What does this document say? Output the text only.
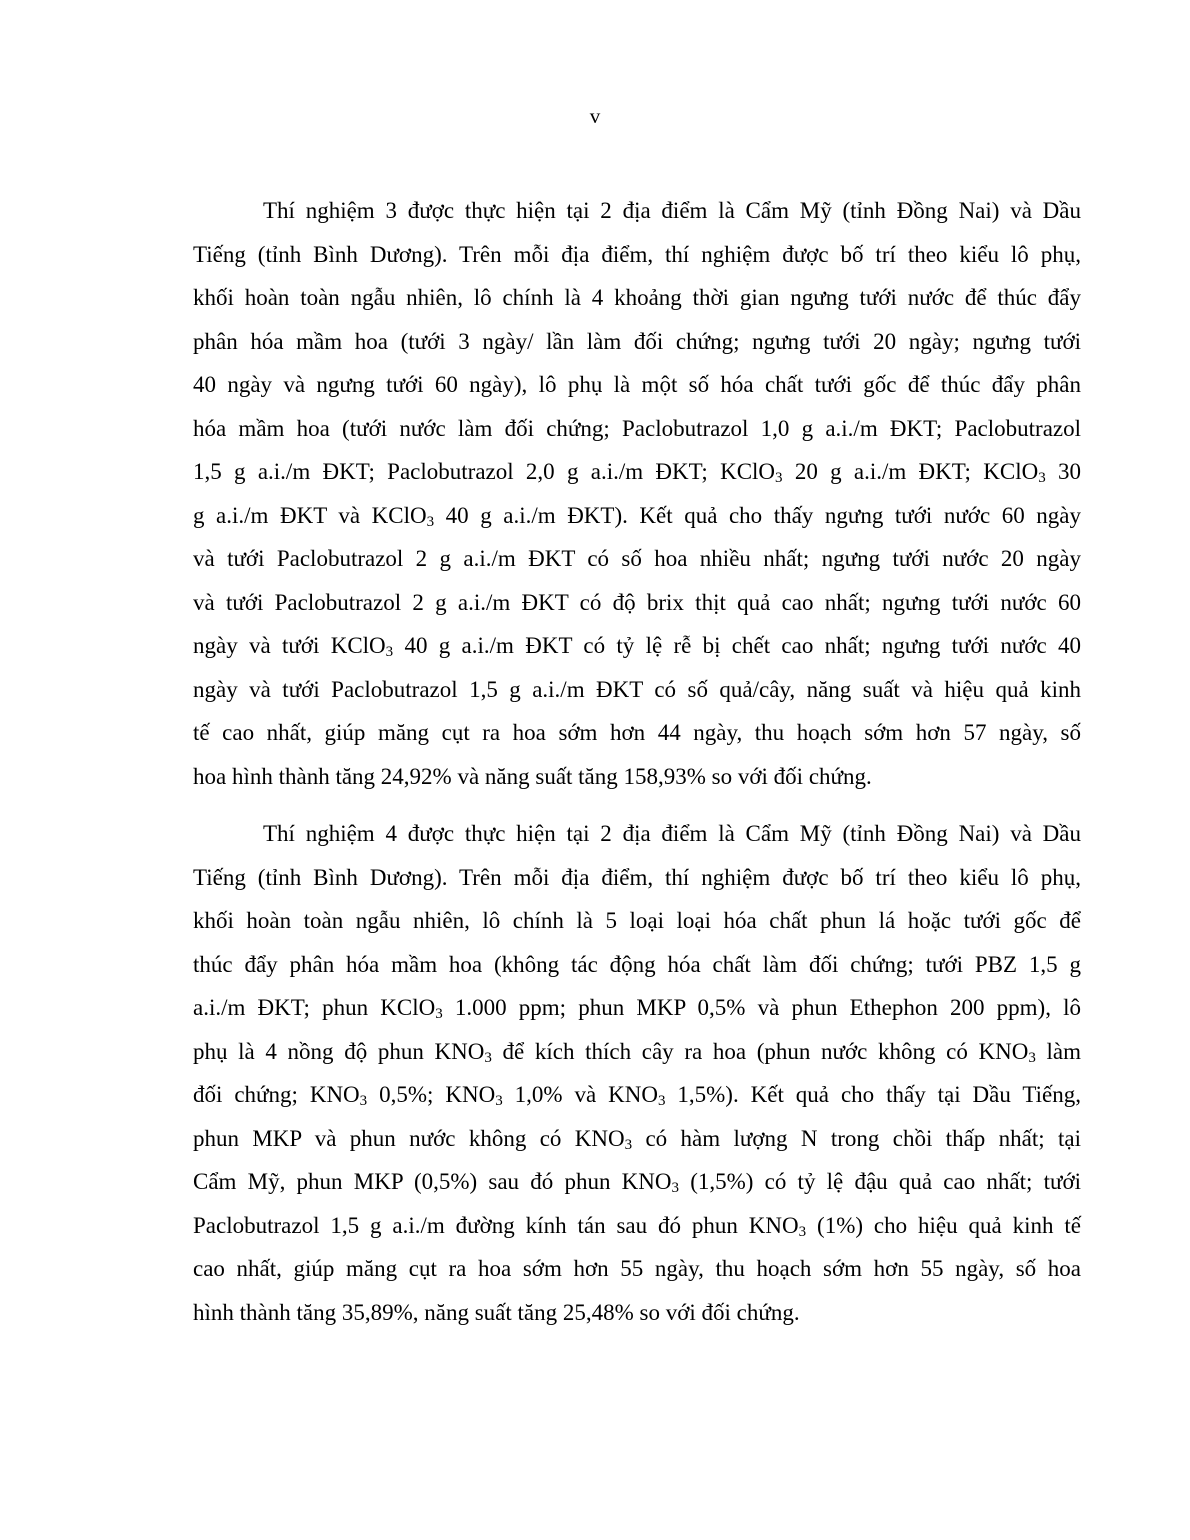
v

Thí nghiệm 3 được thực hiện tại 2 địa điểm là Cẩm Mỹ (tỉnh Đồng Nai) và Dầu
Tiếng (tỉnh Bình Dương). Trên mỗi địa điểm, thí nghiệm được bố trí theo kiểu lô phụ,
khối hoàn toàn ngẫu nhiên, lô chính là 4 khoảng thời gian ngưng tưới nước để thúc đẩy
phân hóa mầm hoa (tưới 3 ngày/ lần làm đối chứng; ngưng tưới 20 ngày; ngưng tưới
40 ngày và ngưng tưới 60 ngày), lô phụ là một số hóa chất tưới gốc để thúc đẩy phân
hóa mầm hoa (tưới nước làm đối chứng; Paclobutrazol 1,0 g a.i./m ĐKT; Paclobutrazol
1,5 g a.i./m ĐKT; Paclobutrazol 2,0 g a.i./m ĐKT; KClO$_3$ 20 g a.i./m ĐKT; KClO$_3$ 30
g a.i./m ĐKT và KClO$_3$ 40 g a.i./m ĐKT). Kết quả cho thấy ngưng tưới nước 60 ngày
và tưới Paclobutrazol 2 g a.i./m ĐKT có số hoa nhiều nhất; ngưng tưới nước 20 ngày
và tưới Paclobutrazol 2 g a.i./m ĐKT có độ brix thịt quả cao nhất; ngưng tưới nước 60
ngày và tưới KClO$_3$ 40 g a.i./m ĐKT có tỷ lệ rễ bị chết cao nhất; ngưng tưới nước 40
ngày và tưới Paclobutrazol 1,5 g a.i./m ĐKT có số quả/cây, năng suất và hiệu quả kinh
tế cao nhất, giúp măng cụt ra hoa sớm hơn 44 ngày, thu hoạch sớm hơn 57 ngày, số
hoa hình thành tăng 24,92% và năng suất tăng 158,93% so với đối chứng.

Thí nghiệm 4 được thực hiện tại 2 địa điểm là Cẩm Mỹ (tỉnh Đồng Nai) và Dầu
Tiếng (tỉnh Bình Dương). Trên mỗi địa điểm, thí nghiệm được bố trí theo kiểu lô phụ,
khối hoàn toàn ngẫu nhiên, lô chính là 5 loại loại hóa chất phun lá hoặc tưới gốc để
thúc đẩy phân hóa mầm hoa (không tác động hóa chất làm đối chứng; tưới PBZ 1,5 g
a.i./m ĐKT; phun KClO$_3$ 1.000 ppm; phun MKP 0,5% và phun Ethephon 200 ppm), lô
phụ là 4 nồng độ phun $KNO_3$ để kích thích cây ra hoa (phun nước không có $KNO_3$ làm
đối chứng; $KNO_3$ 0,5%; $KNO_3$ 1,0% và $KNO_3$ 1,5%). Kết quả cho thấy tại Dầu Tiếng,
phun MKP và phun nước không có $KNO_3$ có hàm lượng N trong chồi thấp nhất; tại
Cẩm Mỹ, phun MKP (0,5%) sau đó phun $KNO_3$ (1,5%) có tỷ lệ đậu quả cao nhất; tưới
Paclobutrazol 1,5 g a.i./m đường kính tán sau đó phun $KNO_3$ (1%) cho hiệu quả kinh tế
cao nhất, giúp măng cụt ra hoa sớm hơn 55 ngày, thu hoạch sớm hơn 55 ngày, số hoa
hình thành tăng 35,89%, năng suất tăng 25,48% so với đối chứng.
